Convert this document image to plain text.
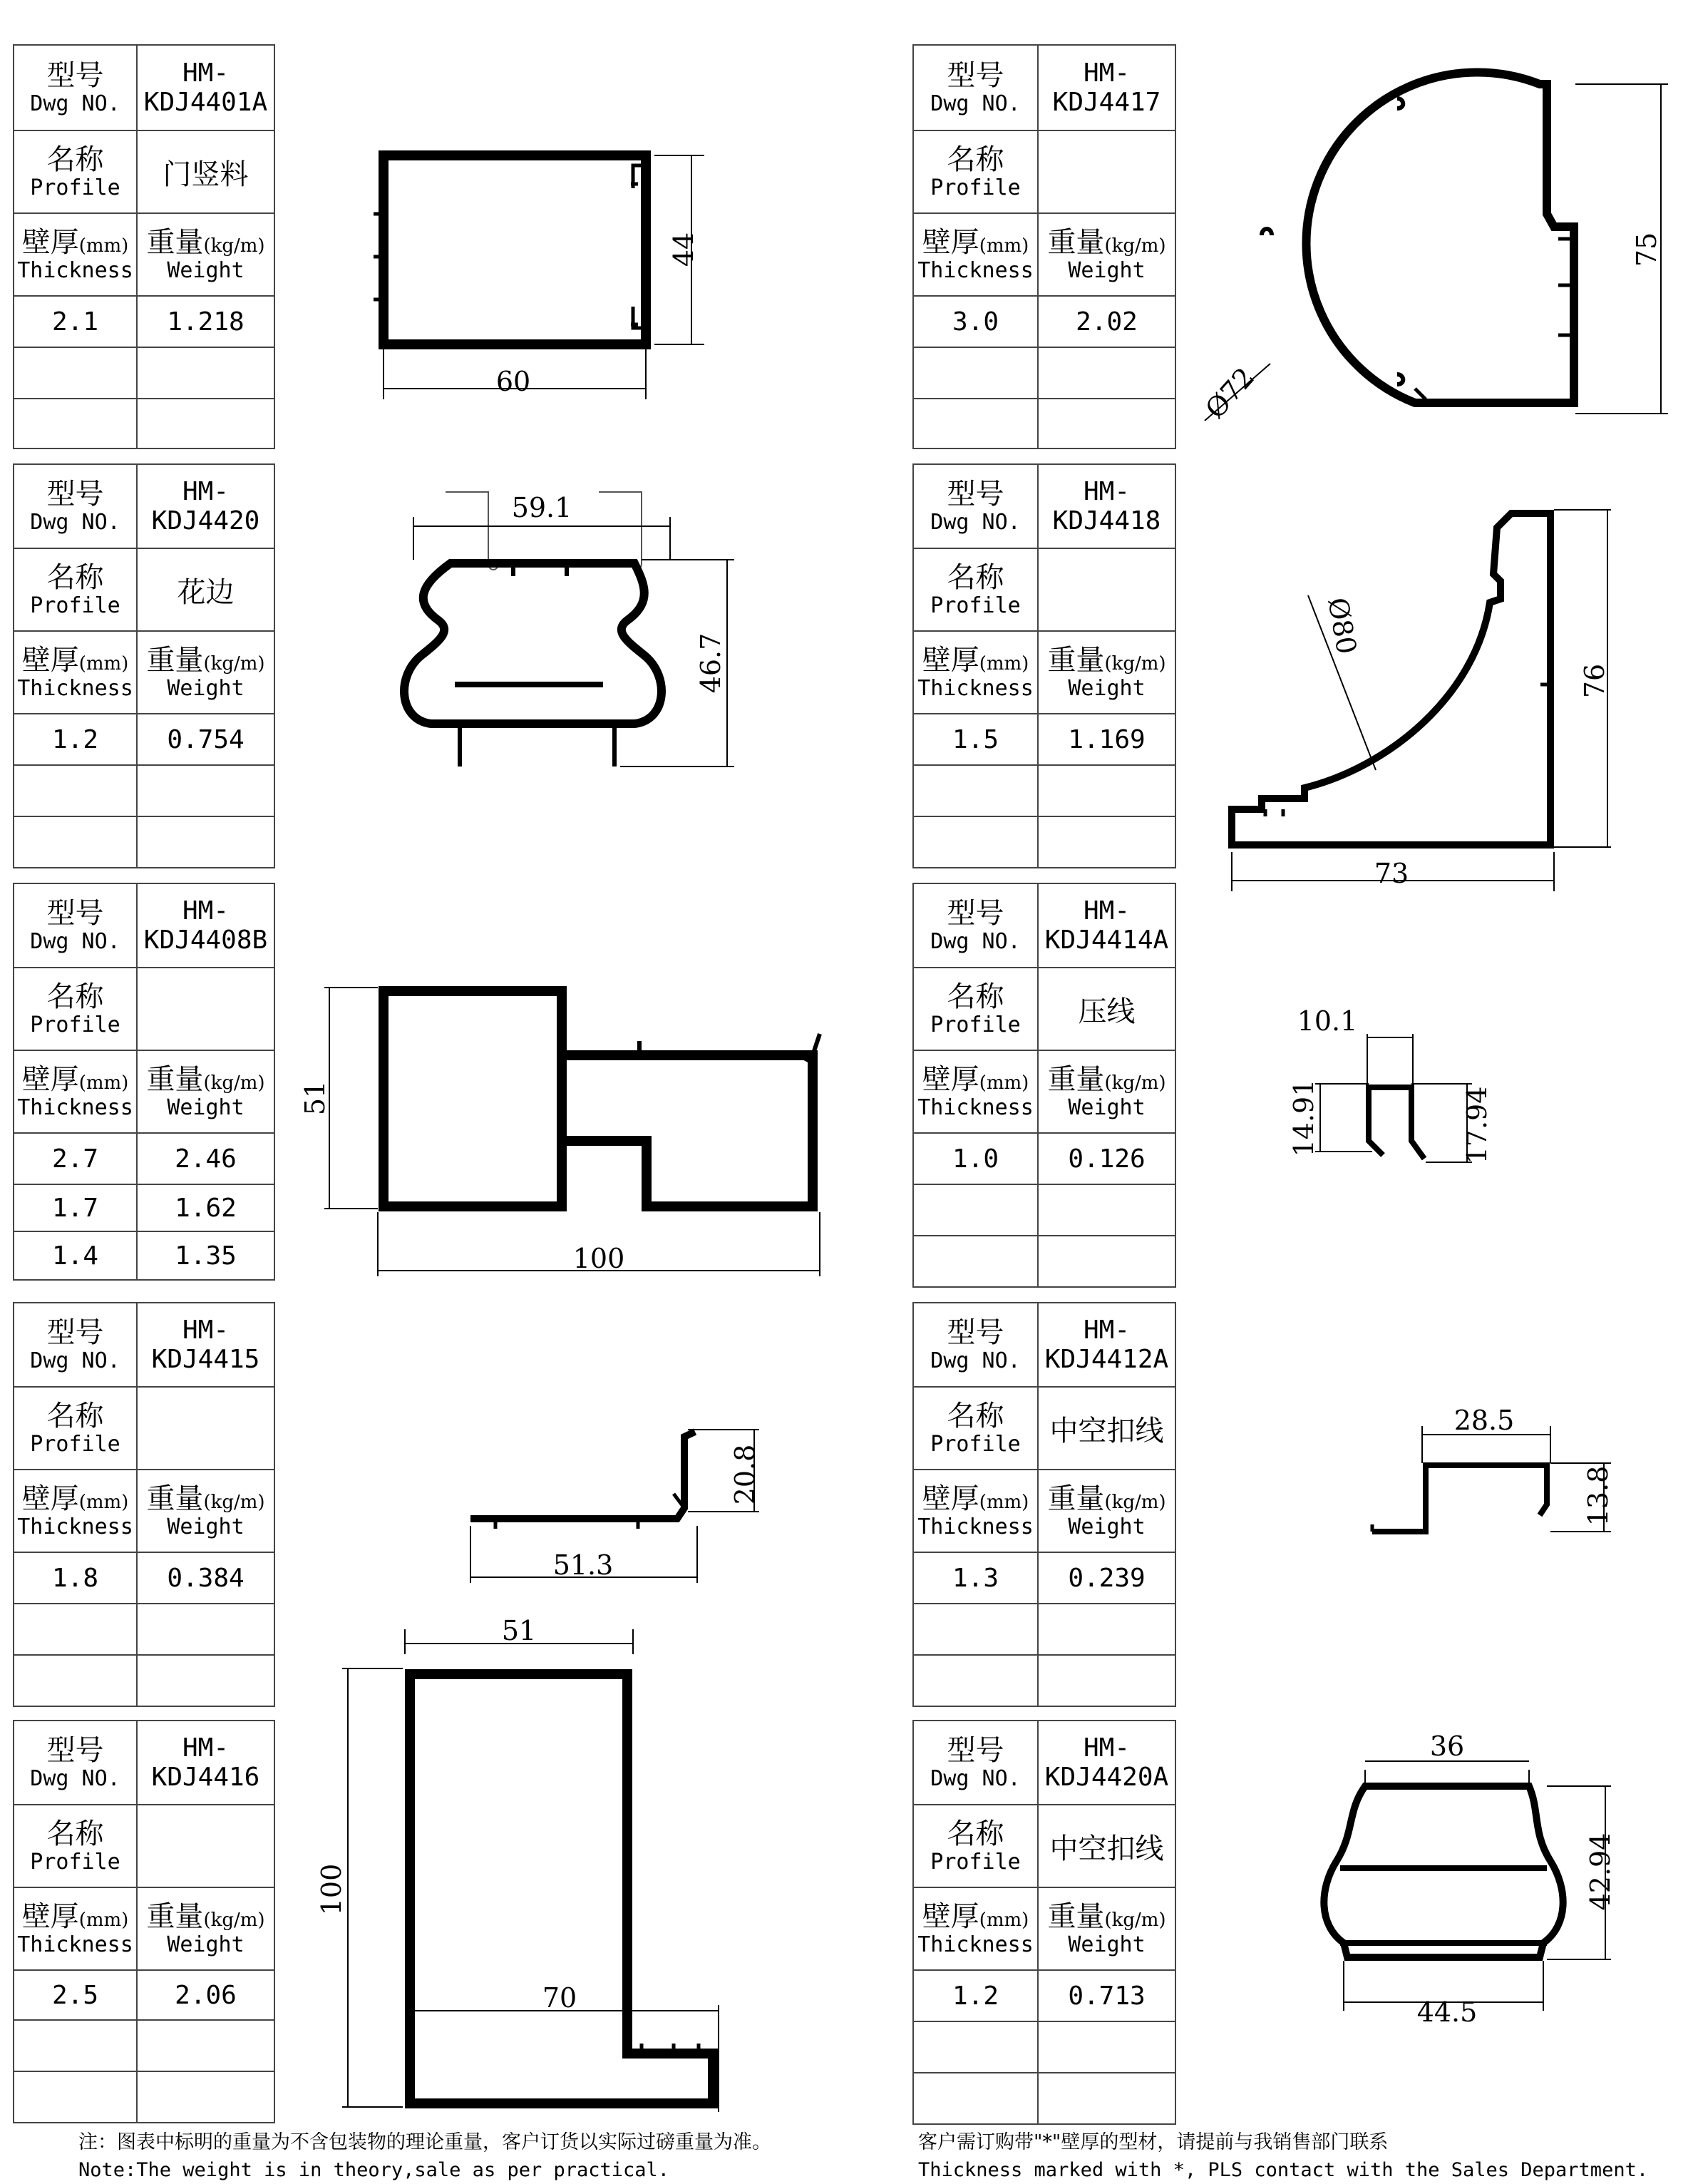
型号
Dwg NO.	HM-KDJ4401A

名称
Profile	门竖料

壁厚(mm)
Thickness	重量(kg/m)
Weight

2.1	1.218

型号
Dwg NO.	HM-KDJ4420

名称
Profile	花边

壁厚(mm)
Thickness	重量(kg/m)
Weight

1.2	0.754

型号
Dwg NO.	HM-KDJ4408B

名称
Profile	

壁厚(mm)
Thickness	重量(kg/m)
Weight

2.7	2.46
1.7	1.62
1.4	1.35
型号
Dwg NO.	HM-KDJ4415

名称
Profile	

壁厚(mm)
Thickness	重量(kg/m)
Weight

1.8	0.384

型号
Dwg NO.	HM-KDJ4416

名称
Profile	

壁厚(mm)
Thickness	重量(kg/m)
Weight

2.5	2.06

型号
Dwg NO.	HM-KDJ4417

名称
Profile	

壁厚(mm)
Thickness	重量(kg/m)
Weight

3.0	2.02

型号
Dwg NO.	HM-KDJ4418

名称
Profile	

壁厚(mm)
Thickness	重量(kg/m)
Weight

1.5	1.169

型号
Dwg NO.	HM-KDJ4414A

名称
Profile	压线

壁厚(mm)
Thickness	重量(kg/m)
Weight

1.0	0.126

型号
Dwg NO.	HM-KDJ4412A

名称
Profile	中空扣线

壁厚(mm)
Thickness	重量(kg/m)
Weight

1.3	0.239

型号
Dwg NO.	HM-KDJ4420A

名称
Profile	中空扣线

壁厚(mm)
Thickness	重量(kg/m)
Weight

1.2	0.713

44
60
75
Ø72
59.1
46.7
Ø80
76
73
51
100
10.1
14.91	17.94
20.8
51.3
28.5
13.8
51
100
70
36
42.94
44.5
注：图表中标明的重量为不含包装物的理论重量，客户订货以实际过磅重量为准。
Note:The weight is in theory,sale as per practical.
客户需订购带"*"壁厚的型材，请提前与我销售部门联系
Thickness marked with *, PLS contact with the Sales Department.
